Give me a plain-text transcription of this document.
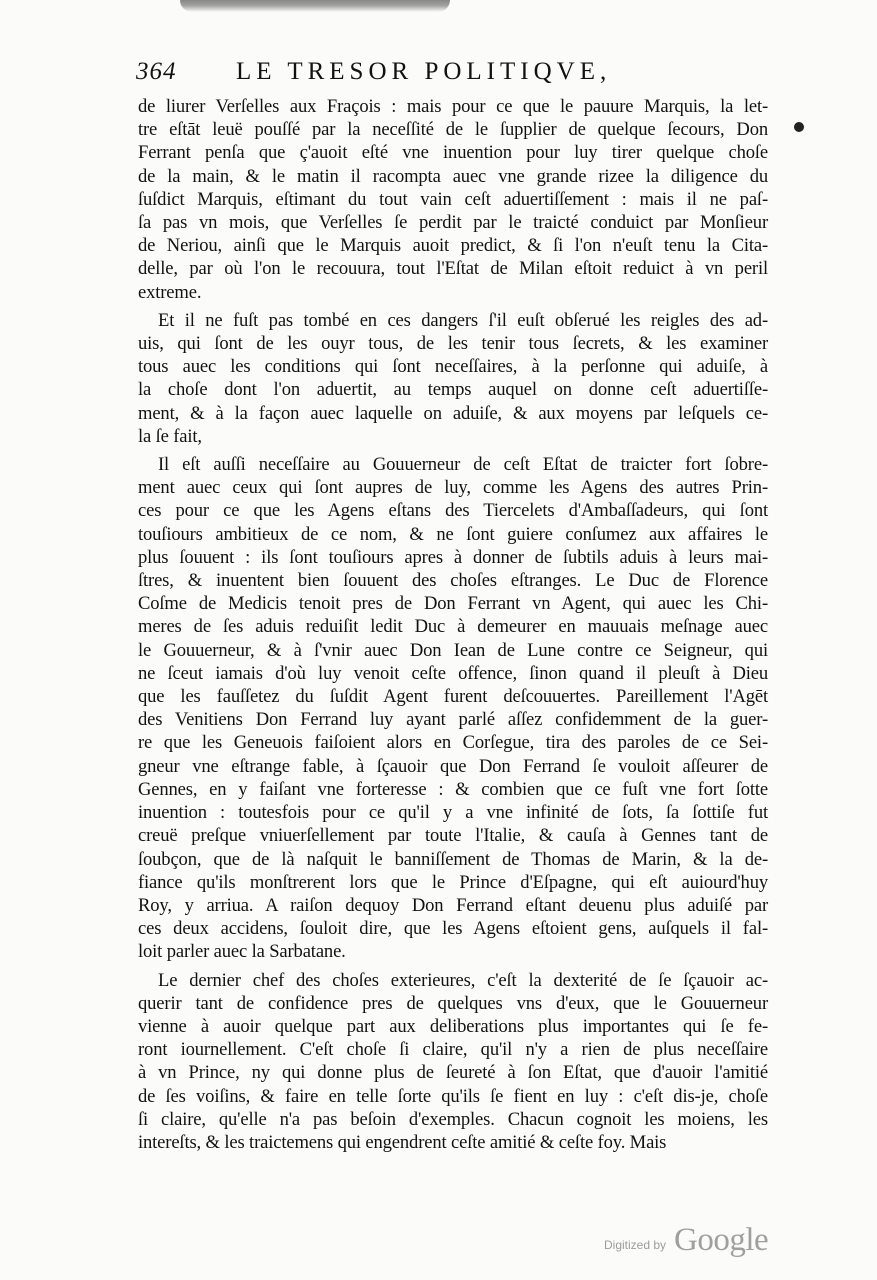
364 LE TRESOR POLITIQVE,

de liurer Verſelles aux Fraçois : mais pour ce que le pauure Marquis, la let-

tre eſtāt leuë pouſſé par la neceſſité de le ſupplier de quelque ſecours, Don

Ferrant penſa que ç'auoit eſté vne inuention pour luy tirer quelque choſe

de la main, & le matin il racompta auec vne grande rizee la diligence du

ſuſdict Marquis, eſtimant du tout vain ceſt aduertiſſement : mais il ne paſ-

ſa pas vn mois, que Verſelles ſe perdit par le traicté conduict par Monſieur

de Neriou, ainſi que le Marquis auoit predict, & ſi l'on n'euſt tenu la Cita-

delle, par où l'on le recouura, tout l'Eſtat de Milan eſtoit reduict à vn peril

extreme.

Et il ne fuſt pas tombé en ces dangers ſ'il euſt obſerué les reigles des ad-

uis, qui ſont de les ouyr tous, de les tenir tous ſecrets, & les examiner

tous auec les conditions qui ſont neceſſaires, à la perſonne qui aduiſe, à

la choſe dont l'on aduertit, au temps auquel on donne ceſt aduertiſſe-

ment, & à la façon auec laquelle on aduiſe, & aux moyens par leſquels ce-

la ſe fait,

Il eſt auſſi neceſſaire au Gouuerneur de ceſt Eſtat de traicter fort ſobre-

ment auec ceux qui ſont aupres de luy, comme les Agens des autres Prin-

ces pour ce que les Agens eſtans des Tiercelets d'Ambaſſadeurs, qui ſont

touſiours ambitieux de ce nom, & ne ſont guiere conſumez aux affaires le

plus ſouuent : ils ſont touſiours apres à donner de ſubtils aduis à leurs mai-

ſtres, & inuentent bien ſouuent des choſes eſtranges. Le Duc de Florence

Coſme de Medicis tenoit pres de Don Ferrant vn Agent, qui auec les Chi-

meres de ſes aduis reduiſit ledit Duc à demeurer en mauuais meſnage auec

le Gouuerneur, & à ſ'vnir auec Don Iean de Lune contre ce Seigneur, qui

ne ſceut iamais d'où luy venoit ceſte offence, ſinon quand il pleuſt à Dieu

que les fauſſetez du ſuſdit Agent furent deſcouuertes. Pareillement l'Agēt

des Venitiens Don Ferrand luy ayant parlé aſſez confidemment de la guer-

re que les Geneuois faiſoient alors en Corſegue, tira des paroles de ce Sei-

gneur vne eſtrange fable, à ſçauoir que Don Ferrand ſe vouloit aſſeurer de

Gennes, en y faiſant vne forteresse : & combien que ce fuſt vne fort ſotte

inuention : toutesfois pour ce qu'il y a vne infinité de ſots, ſa ſottiſe fut

creuë preſque vniuerſellement par toute l'Italie, & cauſa à Gennes tant de

ſoubçon, que de là naſquit le banniſſement de Thomas de Marin, & la de-

fiance qu'ils monſtrerent lors que le Prince d'Eſpagne, qui eſt auiourd'huy

Roy, y arriua. A raiſon dequoy Don Ferrand eſtant deuenu plus aduiſé par

ces deux accidens, ſouloit dire, que les Agens eſtoient gens, auſquels il fal-

loit parler auec la Sarbatane.

Le dernier chef des choſes exterieures, c'eſt la dexterité de ſe ſçauoir ac-

querir tant de confidence pres de quelques vns d'eux, que le Gouuerneur

vienne à auoir quelque part aux deliberations plus importantes qui ſe fe-

ront iournellement. C'eſt choſe ſi claire, qu'il n'y a rien de plus neceſſaire

à vn Prince, ny qui donne plus de ſeureté à ſon Eſtat, que d'auoir l'amitié

de ſes voiſins, & faire en telle ſorte qu'ils ſe fient en luy : c'eſt dis-je, choſe

ſi claire, qu'elle n'a pas beſoin d'exemples. Chacun cognoit les moiens, les

intereſts, & les traictemens qui engendrent ceſte amitié & ceſte foy. Mais

Digitized by Google
